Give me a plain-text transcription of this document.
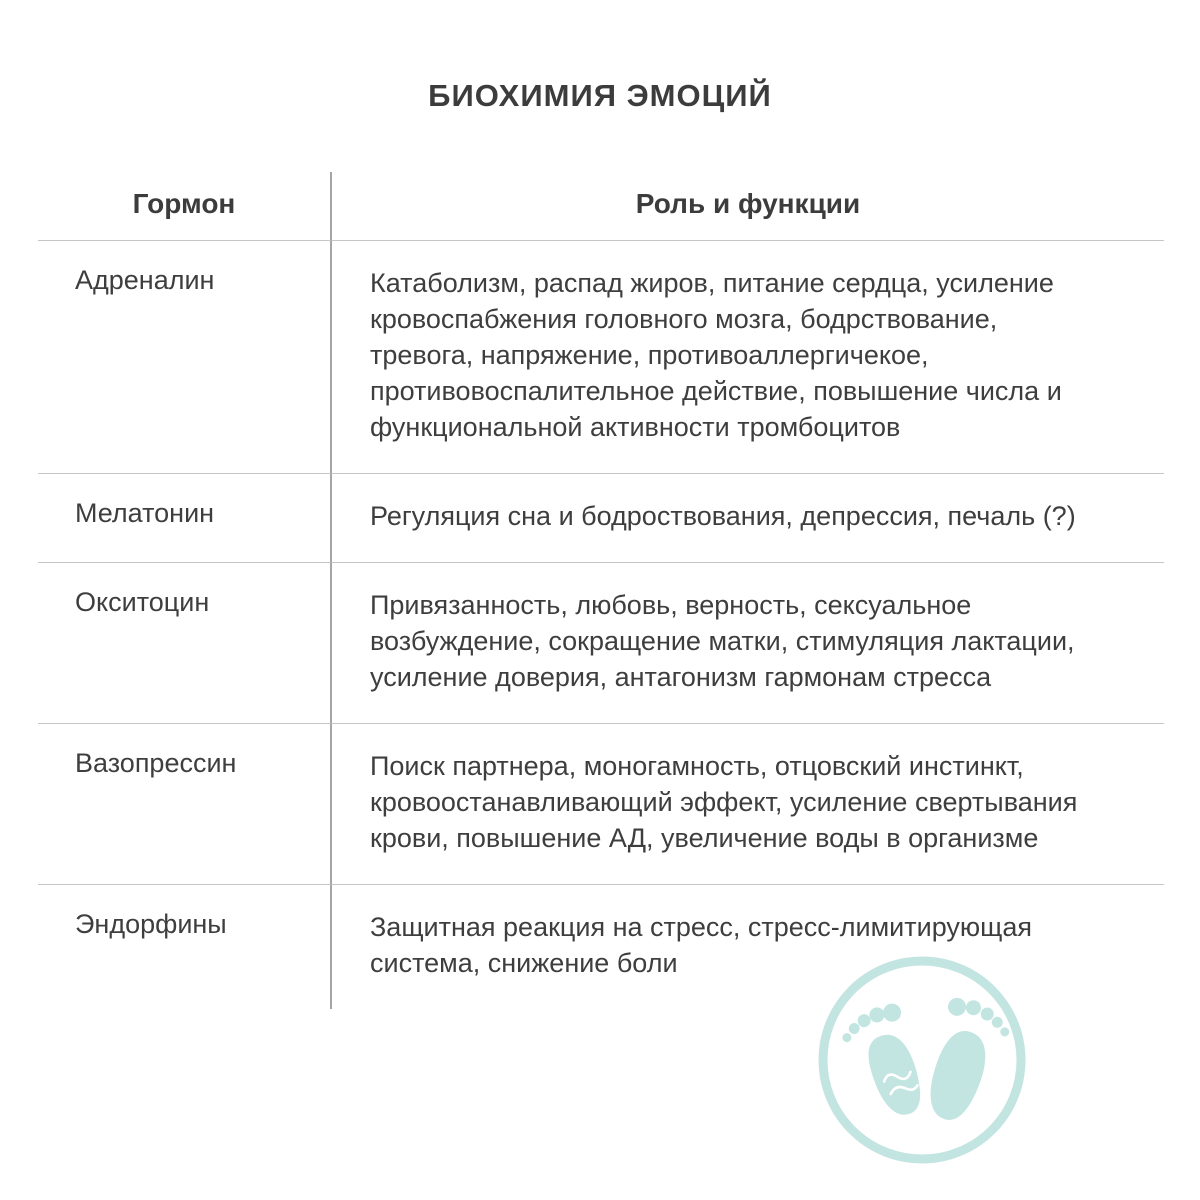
БИОХИМИЯ ЭМОЦИЙ
Гормон	Роль и функции
Адреналин	Катаболизм, распад жиров, питание сердца, усиление кровоспабжения головного мозга, бодрствование, тревога, напряжение, противоаллергичекое, противовоспалительное действие, повышение числа и функциональной активности тромбоцитов
Мелатонин	Регуляция сна и бодроствования, депрессия, печаль (?)
Окситоцин	Привязанность, любовь, верность, сексуальное возбуждение, сокращение матки, стимуляция лактации, усиление доверия, антагонизм гармонам стресса
Вазопрессин	Поиск партнера, моногамность, отцовский инстинкт, кровоостанавливающий эффект, усиление свертывания крови, повышение АД, увеличение воды в организме
Эндорфины	Защитная реакция на стресс, стресс-лимитирующая система, снижение боли
